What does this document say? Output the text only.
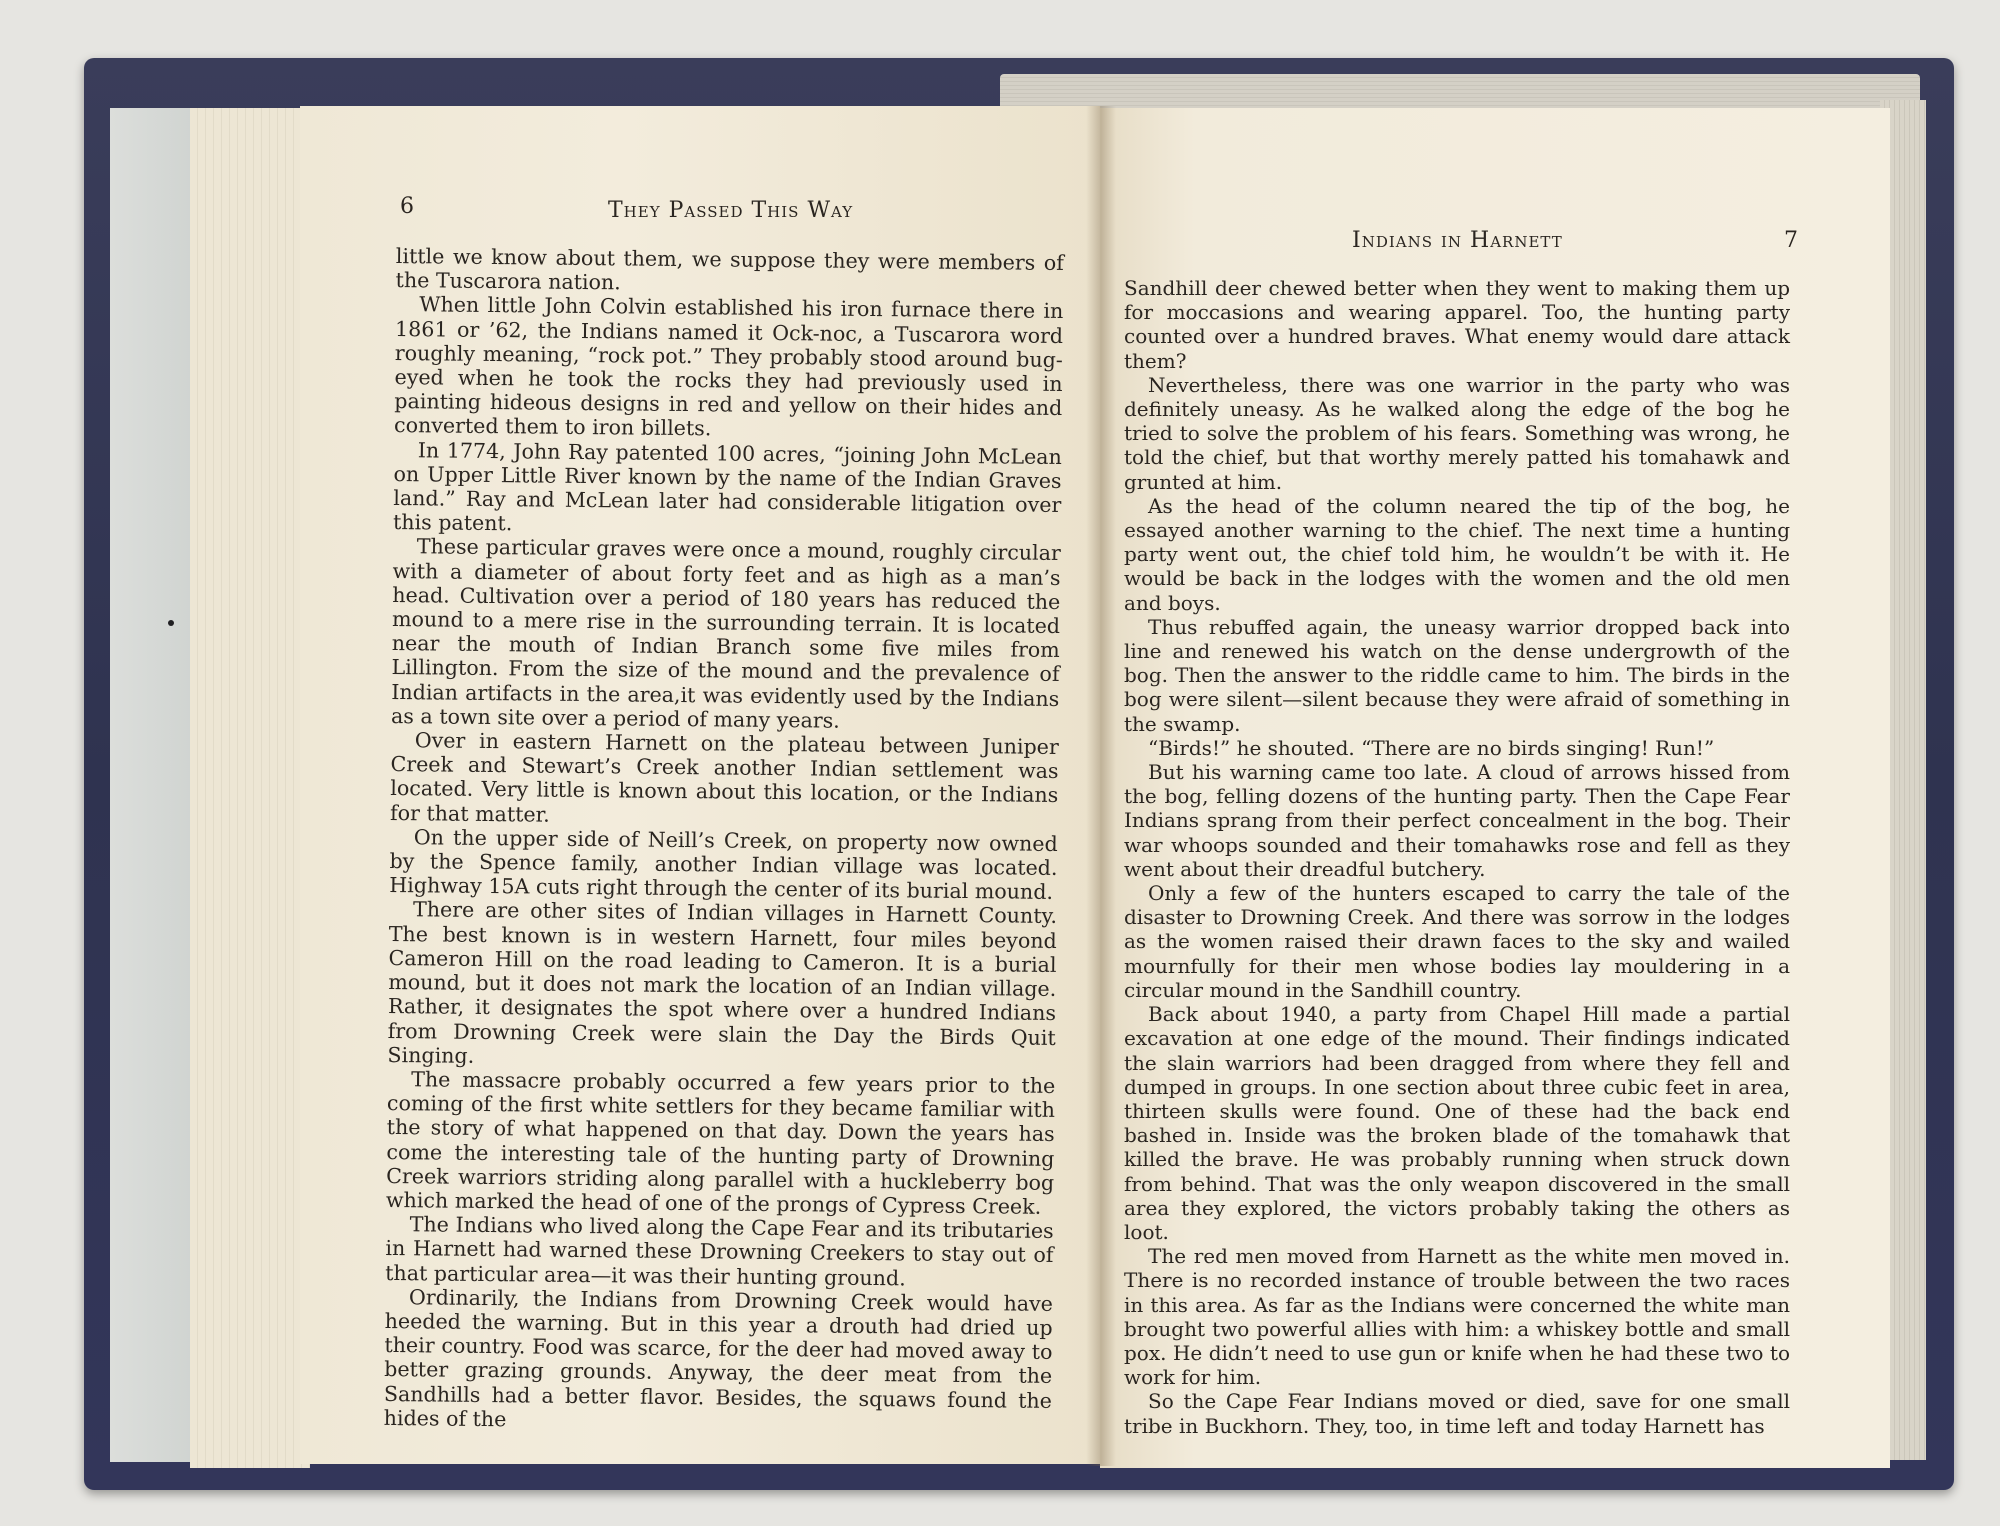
6	They Passed This Way

little we know about them, we suppose they were members of the Tuscarora nation.

When little John Colvin established his iron furnace there in 1861 or ’62, the Indians named it Ock-noc, a Tuscarora word roughly meaning, “rock pot.” They probably stood around bug-eyed when he took the rocks they had previously used in painting hideous designs in red and yellow on their hides and converted them to iron billets.

In 1774, John Ray patented 100 acres, “joining John McLean on Upper Little River known by the name of the Indian Graves land.” Ray and McLean later had considerable litigation over this patent.

These particular graves were once a mound, roughly circular with a diameter of about forty feet and as high as a man’s head. Cultivation over a period of 180 years has reduced the mound to a mere rise in the surrounding terrain. It is located near the mouth of Indian Branch some five miles from Lillington. From the size of the mound and the prevalence of Indian artifacts in the area,it was evidently used by the Indians as a town site over a period of many years.

Over in eastern Harnett on the plateau between Juniper Creek and Stewart’s Creek another Indian settlement was located. Very little is known about this location, or the Indians for that matter.

On the upper side of Neill’s Creek, on property now owned by the Spence family, another Indian village was located. Highway 15A cuts right through the center of its burial mound.

There are other sites of Indian villages in Harnett County. The best known is in western Harnett, four miles beyond Cameron Hill on the road leading to Cameron. It is a burial mound, but it does not mark the location of an Indian village. Rather, it designates the spot where over a hundred Indians from Drowning Creek were slain the Day the Birds Quit Singing.

The massacre probably occurred a few years prior to the coming of the first white settlers for they became familiar with the story of what happened on that day. Down the years has come the interesting tale of the hunting party of Drowning Creek warriors striding along parallel with a huckleberry bog which marked the head of one of the prongs of Cypress Creek.

The Indians who lived along the Cape Fear and its tributaries in Harnett had warned these Drowning Creekers to stay out of that particular area—it was their hunting ground.

Ordinarily, the Indians from Drowning Creek would have heeded the warning. But in this year a drouth had dried up their country. Food was scarce, for the deer had moved away to better grazing grounds. Anyway, the deer meat from the Sandhills had a better flavor. Besides, the squaws found the hides of the

Indians in Harnett	7

Sandhill deer chewed better when they went to making them up for moccasions and wearing apparel. Too, the hunting party counted over a hundred braves. What enemy would dare attack them?

Nevertheless, there was one warrior in the party who was definitely uneasy. As he walked along the edge of the bog he tried to solve the problem of his fears. Something was wrong, he told the chief, but that worthy merely patted his tomahawk and grunted at him.

As the head of the column neared the tip of the bog, he essayed another warning to the chief. The next time a hunting party went out, the chief told him, he wouldn’t be with it. He would be back in the lodges with the women and the old men and boys.

Thus rebuffed again, the uneasy warrior dropped back into line and renewed his watch on the dense undergrowth of the bog. Then the answer to the riddle came to him. The birds in the bog were silent—silent because they were afraid of something in the swamp.

“Birds!” he shouted. “There are no birds singing! Run!”

But his warning came too late. A cloud of arrows hissed from the bog, felling dozens of the hunting party. Then the Cape Fear Indians sprang from their perfect concealment in the bog. Their war whoops sounded and their tomahawks rose and fell as they went about their dreadful butchery.

Only a few of the hunters escaped to carry the tale of the disaster to Drowning Creek. And there was sorrow in the lodges as the women raised their drawn faces to the sky and wailed mournfully for their men whose bodies lay mouldering in a circular mound in the Sandhill country.

Back about 1940, a party from Chapel Hill made a partial excavation at one edge of the mound. Their findings indicated the slain warriors had been dragged from where they fell and dumped in groups. In one section about three cubic feet in area, thirteen skulls were found. One of these had the back end bashed in. Inside was the broken blade of the tomahawk that killed the brave. He was probably running when struck down from behind. That was the only weapon discovered in the small area they explored, the victors probably taking the others as loot.

The red men moved from Harnett as the white men moved in. There is no recorded instance of trouble between the two races in this area. As far as the Indians were concerned the white man brought two powerful allies with him: a whiskey bottle and small pox. He didn’t need to use gun or knife when he had these two to work for him.

So the Cape Fear Indians moved or died, save for one small tribe in Buckhorn. They, too, in time left and today Harnett has
